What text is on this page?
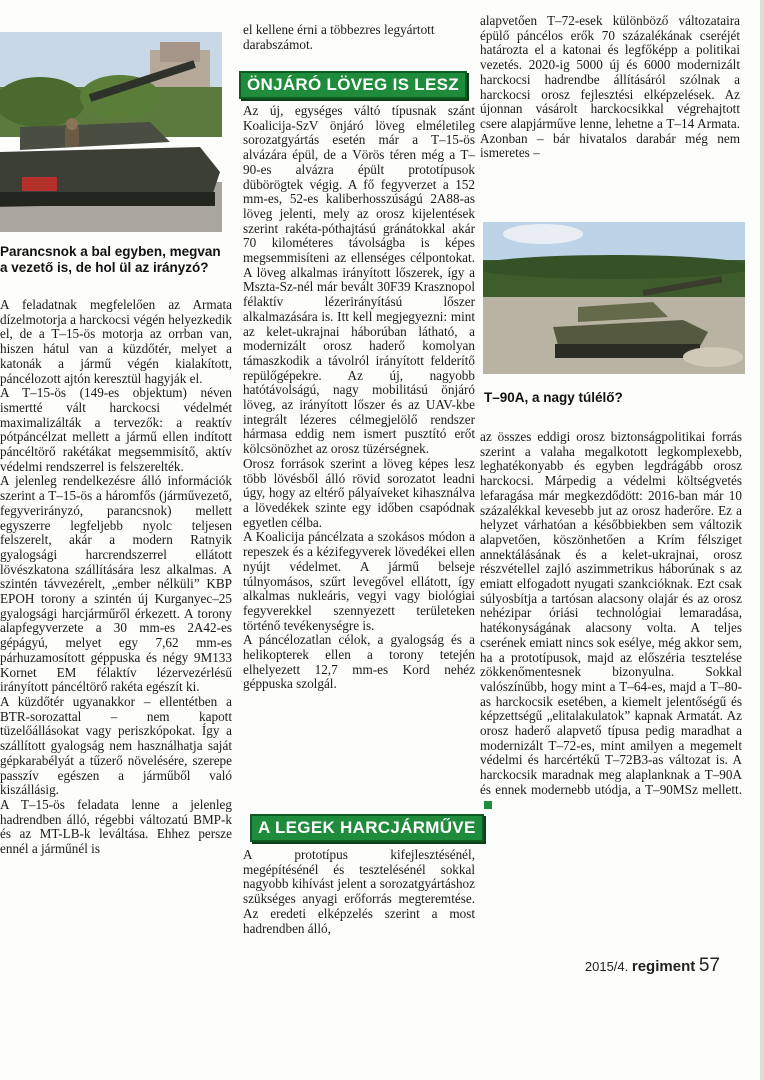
Parancsnok a bal egyben, megvan a vezető is, de hol ül az irányzó?

A feladatnak megfelelően az Armata dízelmotorja a harckocsi végén helyezkedik el, de a T–15-ös motorja az orrban van, hiszen hátul van a küzdőtér, melyet a katonák a jármű végén kialakított, páncélozott ajtón keresztül hagyják el.

A T–15-ös (149-es objektum) néven ismertté vált harckocsi védelmét maximalizálták a tervezők: a reaktív pótpáncélzat mellett a jármű ellen indított páncéltörő rakétákat megsemmisítő, aktív védelmi rendszerrel is felszerelték.

A jelenleg rendelkezésre álló információk szerint a T–15-ös a háromfős (járművezető, fegyverirányzó, parancsnok) mellett egyszerre legfeljebb nyolc teljesen felszerelt, akár a modern Ratnyik gyalogsági harcrendszerrel ellátott lövészkatona szállítására lesz alkalmas. A szintén távvezérelt, „ember nélküli” KBP EPOH torony a szintén új Kurganyec–25 gyalogsági harcjárműről érkezett. A torony alapfegyverzete a 30 mm-es 2A42-es gépágyú, melyet egy 7,62 mm-es párhuzamosított géppuska és négy 9M133 Kornet EM félaktív lézervezérlésű irányított páncéltörő rakéta egészít ki.

A küzdőtér ugyanakkor – ellentétben a BTR-sorozattal – nem kapott tüzelőállásokat vagy periszkópokat. Így a szállított gyalogság nem használhatja saját gépkarabélyát a tűzerő növelésére, szerepe passzív egészen a járműből való kiszállásig.

A T–15-ös feladata lenne a jelenleg hadrendben álló, régebbi változatú BMP-k és az MT-LB-k leváltása. Ehhez persze ennél a járműnél is

el kellene érni a többezres legyártott darabszámot.

ÖNJÁRÓ LÖVEG IS LESZ

Az új, egységes váltó típusnak szánt Koalicija-SzV önjáró löveg elméletileg sorozatgyártás esetén már a T–15-ös alvázára épül, de a Vörös téren még a T–90-es alvázra épült prototípusok dübörögtek végig. A fő fegyverzet a 152 mm-es, 52-es kaliberhosszúságú 2A88-as löveg jelenti, mely az orosz kijelentések szerint rakéta-póthajtású gránátokkal akár 70 kilométeres távolságba is képes megsemmisíteni az ellenséges célpontokat. A löveg alkalmas irányított lőszerek, így a Mszta-Sz-nél már bevált 30F39 Krasznopol félaktív lézerirányítású lőszer alkalmazására is. Itt kell megjegyezni: mint az kelet-ukrajnai háborúban látható, a modernizált orosz haderő komolyan támaszkodik a távolról irányított felderítő repülőgépekre. Az új, nagyobb hatótávolságú, nagy mobilitású önjáró löveg, az irányított lőszer és az UAV-kbe integrált lézeres célmegjelölő rendszer hármasa eddig nem ismert pusztító erőt kölcsönözhet az orosz tüzérségnek.

Orosz források szerint a löveg képes lesz több lövésből álló rövid sorozatot leadni úgy, hogy az eltérő pályaíveket kihasználva a lövedékek szinte egy időben csapódnak egyetlen célba.

A Koalicija páncélzata a szokásos módon a repeszek és a kézifegyverek lövedékei ellen nyújt védelmet. A jármű belseje túlnyomásos, szűrt levegővel ellátott, így alkalmas nukleáris, vegyi vagy biológiai fegyverekkel szennyezett területeken történő tevékenységre is.

A páncélozatlan célok, a gyalogság és a helikopterek ellen a torony tetején elhelyezett 12,7 mm-es Kord nehéz géppuska szolgál.

A LEGEK HARCJÁRMŰVE

A prototípus kifejlesztésénél, megépítésénél és tesztelésénél sokkal nagyobb kihívást jelent a sorozatgyártáshoz szükséges anyagi erőforrás megteremtése. Az eredeti elképzelés szerint a most hadrendben álló,

alapvetően T–72-esek különböző változataira épülő páncélos erők 70 százalékának cseréjét határozta el a katonai és legfőképp a politikai vezetés. 2020-ig 5000 új és 6000 modernizált harckocsi hadrendbe állításáról szólnak a harckocsi orosz fejlesztési elképzelések. Az újonnan vásárolt harckocsikkal végrehajtott csere alapjárműve lenne, lehetne a T–14 Armata. Azonban – bár hivatalos darabár még nem ismeretes –

T–90A, a nagy túlélő?

az összes eddigi orosz biztonságpolitikai forrás szerint a valaha megalkotott legkomplexebb, leghatékonyabb és egyben legdrágább orosz harckocsi. Márpedig a védelmi költségvetés lefaragása már megkezdődött: 2016-ban már 10 százalékkal kevesebb jut az orosz haderőre. Ez a helyzet várhatóan a későbbiekben sem változik alapvetően, köszönhetően a Krím félsziget annektálásának és a kelet-ukrajnai, orosz részvétellel zajló aszimmetrikus háborúnak s az emiatt elfogadott nyugati szankcióknak. Ezt csak súlyosbítja a tartósan alacsony olajár és az orosz nehézipar óriási technológiai lemaradása, hatékonyságának alacsony volta. A teljes cserének emiatt nincs sok esélye, még akkor sem, ha a prototípusok, majd az előszéria tesztelése zökkenőmentesnek bizonyulna. Sokkal valószínűbb, hogy mint a T–64-es, majd a T–80-as harckocsik esetében, a kiemelt jelentőségű és képzettségű „elitalakulatok” kapnak Armatát. Az orosz haderő alapvető típusa pedig maradhat a modernizált T–72-es, mint amilyen a megemelt védelmi és harcértékű T–72B3-as változat is. A harckocsik maradnak meg alaplanknak a T–90A és ennek modernebb utódja, a T–90MSz mellett.

2015/4. regiment 57
